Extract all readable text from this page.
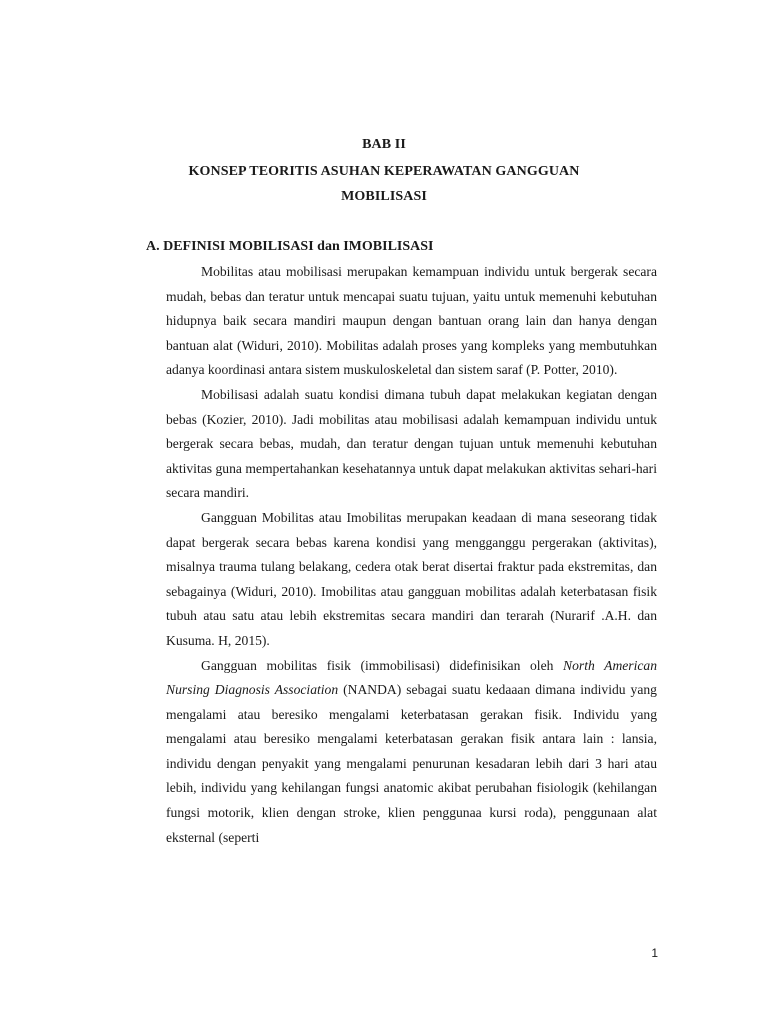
BAB II
KONSEP TEORITIS ASUHAN KEPERAWATAN GANGGUAN
MOBILISASI
A. DEFINISI MOBILISASI dan IMOBILISASI

Mobilitas atau mobilisasi merupakan kemampuan individu untuk bergerak secara mudah, bebas dan teratur untuk mencapai suatu tujuan, yaitu untuk memenuhi kebutuhan hidupnya baik secara mandiri maupun dengan bantuan orang lain dan hanya dengan bantuan alat (Widuri, 2010). Mobilitas adalah proses yang kompleks yang membutuhkan adanya koordinasi antara sistem muskuloskeletal dan sistem saraf (P. Potter, 2010).

Mobilisasi adalah suatu kondisi dimana tubuh dapat melakukan kegiatan dengan bebas (Kozier, 2010). Jadi mobilitas atau mobilisasi adalah kemampuan individu untuk bergerak secara bebas, mudah, dan teratur dengan tujuan untuk memenuhi kebutuhan aktivitas guna mempertahankan kesehatannya untuk dapat melakukan aktivitas sehari-hari secara mandiri.

Gangguan Mobilitas atau Imobilitas merupakan keadaan di mana seseorang tidak dapat bergerak secara bebas karena kondisi yang mengganggu pergerakan (aktivitas), misalnya trauma tulang belakang, cedera otak berat disertai fraktur pada ekstremitas, dan sebagainya (Widuri, 2010). Imobilitas atau gangguan mobilitas adalah keterbatasan fisik tubuh atau satu atau lebih ekstremitas secara mandiri dan terarah (Nurarif .A.H. dan Kusuma. H, 2015).

Gangguan mobilitas fisik (immobilisasi) didefinisikan oleh North American Nursing Diagnosis Association (NANDA) sebagai suatu kedaaan dimana individu yang mengalami atau beresiko mengalami keterbatasan gerakan fisik. Individu yang mengalami atau beresiko mengalami keterbatasan gerakan fisik antara lain : lansia, individu dengan penyakit yang mengalami penurunan kesadaran lebih dari 3 hari atau lebih, individu yang kehilangan fungsi anatomic akibat perubahan fisiologik (kehilangan fungsi motorik, klien dengan stroke, klien penggunaa kursi roda), penggunaan alat eksternal (seperti

1
